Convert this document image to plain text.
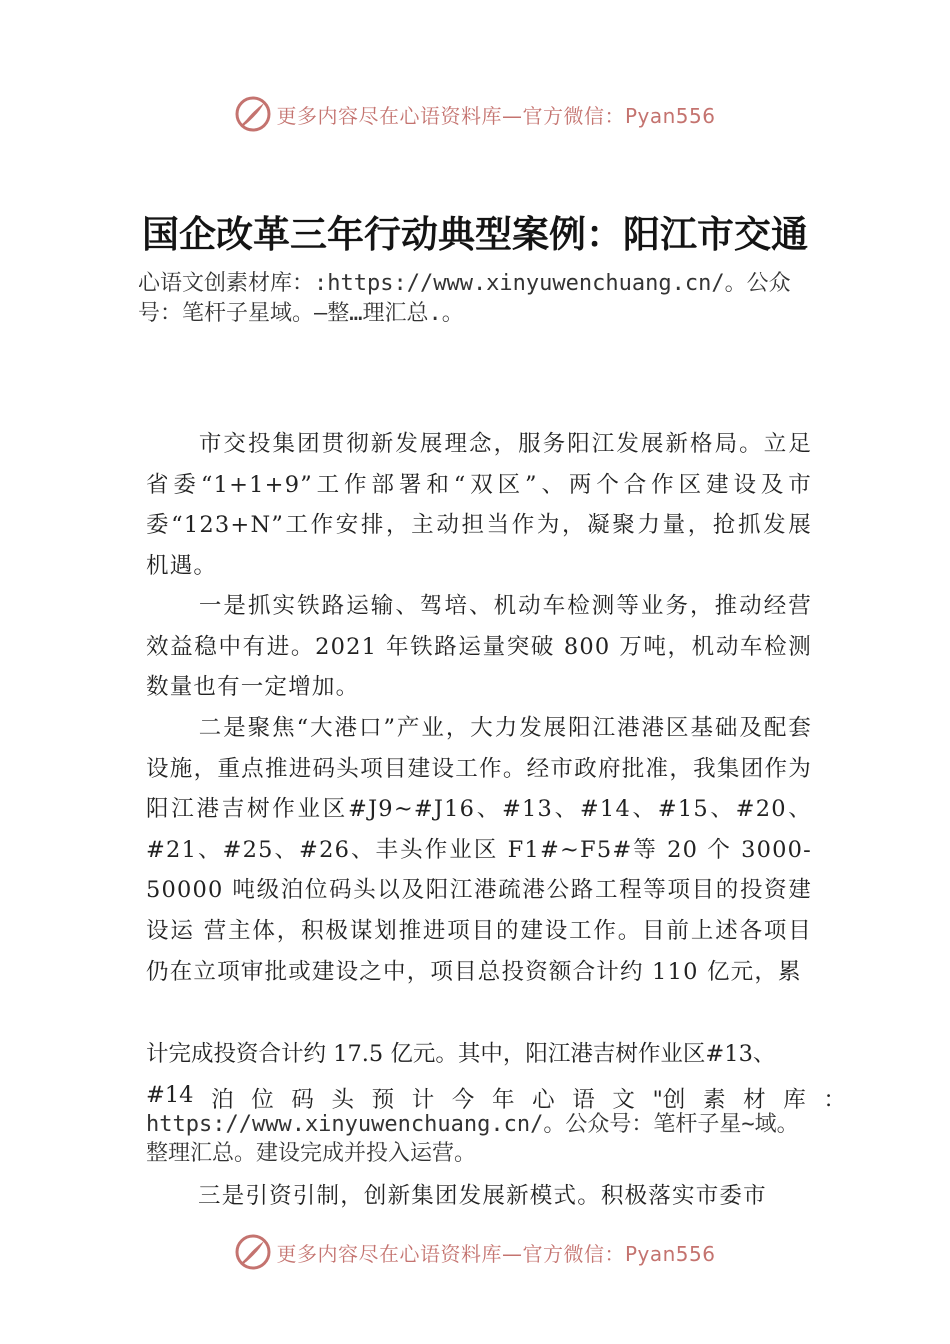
更多内容尽在心语资料库—官方微信：Pyan556
国企改革三年行动典型案例：阳江市交通
心语文创素材库：:https://www.xinyuwenchuang.cn/。公众
号：笔杆子星域。—整…理汇总.。
市交投集团贯彻新发展理念，服务阳江发展新格局。立足省委“1+1+9”工作部署和“双区”、两个合作区建设及市委“123+N”工作安排，主动担当作为，凝聚力量，抢抓发展 机遇。
一是抓实铁路运输、驾培、机动车检测等业务，推动经营效益稳中有进。2021 年铁路运量突破 800 万吨，机动车检测数量也有一定增加。
二是聚焦“大港口”产业，大力发展阳江港港区基础及配套设施，重点推进码头项目建设工作。经市政府批准，我集团作为阳江港吉树作业区#J9~#J16、#13、#14、#15、#20、#21、#25、#26、丰头作业区 F1#~F5#等 20 个 3000-50000 吨级泊位码头以及阳江港疏港公路工程等项目的投资建设运 营主体，积极谋划推进项目的建设工作。目前上述各项目仍在立项审批或建设之中，项目总投资额合计约 110 亿元，累
计完成投资合计约 17.5 亿元。其中，阳江港吉树作业区#13、
#14 泊 位 码 头 预 计 今 年 心 语 文 "创 素 材 库 ：
https://www.xinyuwenchuang.cn/。公众号：笔杆子星~域。
整理汇总。建设完成并投入运营。
三是引资引制，创新集团发展新模式。积极落实市委市
更多内容尽在心语资料库—官方微信：Pyan556
